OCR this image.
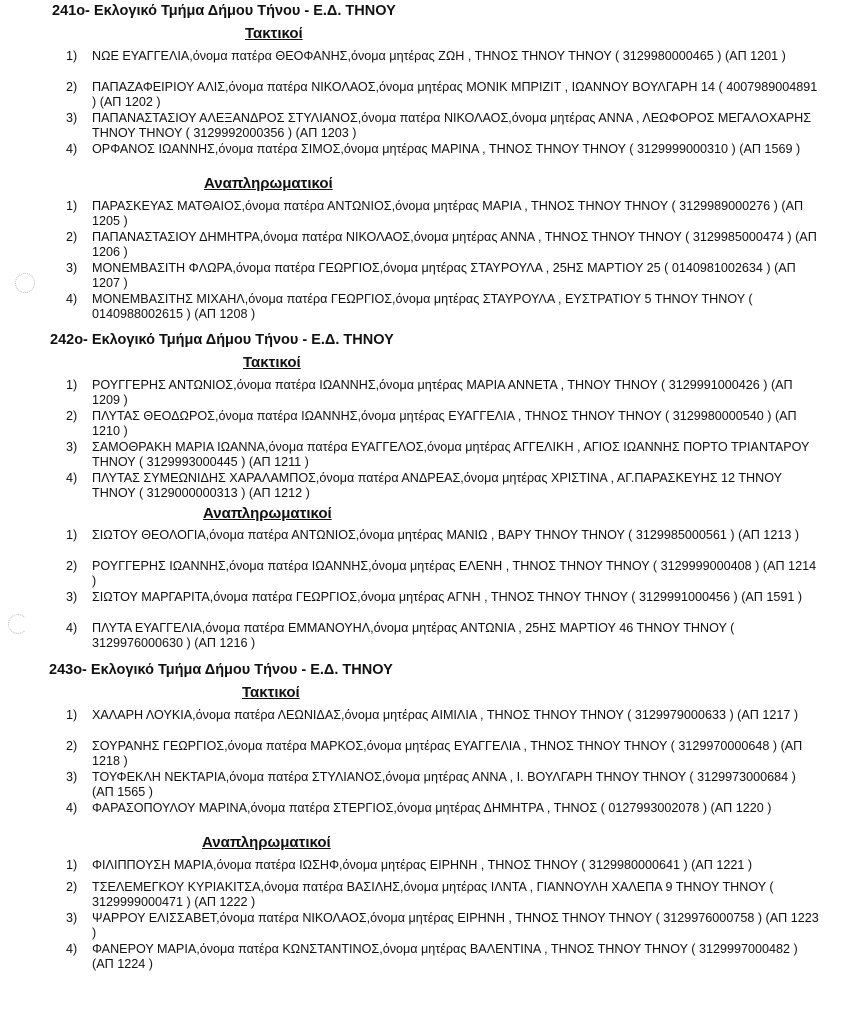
241ο- Εκλογικό Τμήμα Δήμου Τήνου - Ε.Δ. ΤΗΝΟΥ
Τακτικοί
1)	ΝΩΕ ΕΥΑΓΓΕΛΙΑ,όνομα πατέρα ΘΕΟΦΑΝΗΣ,όνομα μητέρας ΖΩΗ , ΤΗΝΟΣ ΤΗΝΟΥ ΤΗΝΟΥ ( 3129980000465 ) (ΑΠ 1201 )
2)	ΠΑΠΑΖΑΦΕΙΡΙΟΥ ΑΛΙΣ,όνομα πατέρα ΝΙΚΟΛΑΟΣ,όνομα μητέρας ΜΟΝΙΚ ΜΠΡΙΖΙΤ , ΙΩΑΝΝΟΥ ΒΟΥΛΓΑΡΗ 14 ( 4007989004891 ) (ΑΠ 1202 )
3)	ΠΑΠΑΝΑΣΤΑΣΙΟΥ ΑΛΕΞΑΝΔΡΟΣ ΣΤΥΛΙΑΝΟΣ,όνομα πατέρα ΝΙΚΟΛΑΟΣ,όνομα μητέρας ΑΝΝΑ , ΛΕΩΦΟΡΟΣ ΜΕΓΑΛΟΧΑΡΗΣ ΤΗΝΟΥ ΤΗΝΟΥ ( 3129992000356 ) (ΑΠ 1203 )
4)	ΟΡΦΑΝΟΣ ΙΩΑΝΝΗΣ,όνομα πατέρα ΣΙΜΟΣ,όνομα μητέρας ΜΑΡΙΝΑ , ΤΗΝΟΣ ΤΗΝΟΥ ΤΗΝΟΥ ( 3129999000310 ) (ΑΠ 1569 )
Αναπληρωματικοί
1)	ΠΑΡΑΣΚΕΥΑΣ ΜΑΤΘΑΙΟΣ,όνομα πατέρα ΑΝΤΩΝΙΟΣ,όνομα μητέρας ΜΑΡΙΑ , ΤΗΝΟΣ ΤΗΝΟΥ ΤΗΝΟΥ ( 3129989000276 ) (ΑΠ 1205 )
2)	ΠΑΠΑΝΑΣΤΑΣΙΟΥ ΔΗΜΗΤΡΑ,όνομα πατέρα ΝΙΚΟΛΑΟΣ,όνομα μητέρας ΑΝΝΑ , ΤΗΝΟΣ ΤΗΝΟΥ ΤΗΝΟΥ ( 3129985000474 ) (ΑΠ 1206 )
3)	ΜΟΝΕΜΒΑΣΙΤΗ ΦΛΩΡΑ,όνομα πατέρα ΓΕΩΡΓΙΟΣ,όνομα μητέρας ΣΤΑΥΡΟΥΛΑ , 25ΗΣ ΜΑΡΤΙΟΥ 25 ( 0140981002634 ) (ΑΠ 1207 )
4)	ΜΟΝΕΜΒΑΣΙΤΗΣ ΜΙΧΑΗΛ,όνομα πατέρα ΓΕΩΡΓΙΟΣ,όνομα μητέρας ΣΤΑΥΡΟΥΛΑ , ΕΥΣΤΡΑΤΙΟΥ 5 ΤΗΝΟΥ ΤΗΝΟΥ ( 0140988002615 ) (ΑΠ 1208 )
242ο- Εκλογικό Τμήμα Δήμου Τήνου - Ε.Δ. ΤΗΝΟΥ
Τακτικοί
1)	ΡΟΥΓΓΕΡΗΣ ΑΝΤΩΝΙΟΣ,όνομα πατέρα ΙΩΑΝΝΗΣ,όνομα μητέρας ΜΑΡΙΑ ΑΝΝΕΤΑ , ΤΗΝΟΥ ΤΗΝΟΥ ( 3129991000426 ) (ΑΠ 1209 )
2)	ΠΛΥΤΑΣ ΘΕΟΔΩΡΟΣ,όνομα πατέρα ΙΩΑΝΝΗΣ,όνομα μητέρας ΕΥΑΓΓΕΛΙΑ , ΤΗΝΟΣ ΤΗΝΟΥ ΤΗΝΟΥ ( 3129980000540 ) (ΑΠ 1210 )
3)	ΣΑΜΟΘΡΑΚΗ ΜΑΡΙΑ ΙΩΑΝΝΑ,όνομα πατέρα ΕΥΑΓΓΕΛΟΣ,όνομα μητέρας ΑΓΓΕΛΙΚΗ , ΑΓΙΟΣ ΙΩΑΝΝΗΣ ΠΟΡΤΟ ΤΡΙΑΝΤΑΡΟΥ ΤΗΝΟΥ ( 3129993000445 ) (ΑΠ 1211 )
4)	ΠΛΥΤΑΣ ΣΥΜΕΩΝΙΔΗΣ ΧΑΡΑΛΑΜΠΟΣ,όνομα πατέρα ΑΝΔΡΕΑΣ,όνομα μητέρας ΧΡΙΣΤΙΝΑ , ΑΓ.ΠΑΡΑΣΚΕΥΗΣ 12 ΤΗΝΟΥ ΤΗΝΟΥ ( 3129000000313 ) (ΑΠ 1212 )
Αναπληρωματικοί
1)	ΣΙΩΤΟΥ ΘΕΟΛΟΓΙΑ,όνομα πατέρα ΑΝΤΩΝΙΟΣ,όνομα μητέρας ΜΑΝΙΩ , ΒΑΡΥ ΤΗΝΟΥ ΤΗΝΟΥ ( 3129985000561 ) (ΑΠ 1213 )
2)	ΡΟΥΓΓΕΡΗΣ ΙΩΑΝΝΗΣ,όνομα πατέρα ΙΩΑΝΝΗΣ,όνομα μητέρας ΕΛΕΝΗ , ΤΗΝΟΣ ΤΗΝΟΥ ΤΗΝΟΥ ( 3129999000408 ) (ΑΠ 1214 )
3)	ΣΙΩΤΟΥ ΜΑΡΓΑΡΙΤΑ,όνομα πατέρα ΓΕΩΡΓΙΟΣ,όνομα μητέρας ΑΓΝΗ , ΤΗΝΟΣ ΤΗΝΟΥ ΤΗΝΟΥ ( 3129991000456 ) (ΑΠ 1591 )
4)	ΠΛΥΤΑ ΕΥΑΓΓΕΛΙΑ,όνομα πατέρα ΕΜΜΑΝΟΥΗΛ,όνομα μητέρας ΑΝΤΩΝΙΑ , 25ΗΣ ΜΑΡΤΙΟΥ 46 ΤΗΝΟΥ ΤΗΝΟΥ ( 3129976000630 ) (ΑΠ 1216 )
243ο- Εκλογικό Τμήμα Δήμου Τήνου - Ε.Δ. ΤΗΝΟΥ
Τακτικοί
1)	ΧΑΛΑΡΗ ΛΟΥΚΙΑ,όνομα πατέρα ΛΕΩΝΙΔΑΣ,όνομα μητέρας ΑΙΜΙΛΙΑ , ΤΗΝΟΣ ΤΗΝΟΥ ΤΗΝΟΥ ( 3129979000633 ) (ΑΠ 1217 )
2)	ΣΟΥΡΑΝΗΣ ΓΕΩΡΓΙΟΣ,όνομα πατέρα ΜΑΡΚΟΣ,όνομα μητέρας ΕΥΑΓΓΕΛΙΑ , ΤΗΝΟΣ ΤΗΝΟΥ ΤΗΝΟΥ ( 3129970000648 ) (ΑΠ 1218 )
3)	ΤΟΥΦΕΚΛΗ ΝΕΚΤΑΡΙΑ,όνομα πατέρα ΣΤΥΛΙΑΝΟΣ,όνομα μητέρας ΑΝΝΑ , Ι. ΒΟΥΛΓΑΡΗ ΤΗΝΟΥ ΤΗΝΟΥ ( 3129973000684 ) (ΑΠ 1565 )
4)	ΦΑΡΑΣΟΠΟΥΛΟΥ ΜΑΡΙΝΑ,όνομα πατέρα ΣΤΕΡΓΙΟΣ,όνομα μητέρας ΔΗΜΗΤΡΑ , ΤΗΝΟΣ ( 0127993002078 ) (ΑΠ 1220 )
Αναπληρωματικοί
1)	ΦΙΛΙΠΠΟΥΣΗ ΜΑΡΙΑ,όνομα πατέρα ΙΩΣΗΦ,όνομα μητέρας ΕΙΡΗΝΗ , ΤΗΝΟΣ ΤΗΝΟΥ ( 3129980000641 ) (ΑΠ 1221 )
2)	ΤΣΕΛΕΜΕΓΚΟΥ ΚΥΡΙΑΚΙΤΣΑ,όνομα πατέρα ΒΑΣΙΛΗΣ,όνομα μητέρας ΙΛΝΤΑ , ΓΙΑΝΝΟΥΛΗ ΧΑΛΕΠΑ 9 ΤΗΝΟΥ ΤΗΝΟΥ ( 3129999000471 ) (ΑΠ 1222 )
3)	ΨΑΡΡΟΥ ΕΛΙΣΣΑΒΕΤ,όνομα πατέρα ΝΙΚΟΛΑΟΣ,όνομα μητέρας ΕΙΡΗΝΗ , ΤΗΝΟΣ ΤΗΝΟΥ ΤΗΝΟΥ ( 3129976000758 ) (ΑΠ 1223 )
4)	ΦΑΝΕΡΟΥ ΜΑΡΙΑ,όνομα πατέρα ΚΩΝΣΤΑΝΤΙΝΟΣ,όνομα μητέρας ΒΑΛΕΝΤΙΝΑ , ΤΗΝΟΣ ΤΗΝΟΥ ΤΗΝΟΥ ( 3129997000482 ) (ΑΠ 1224 )
